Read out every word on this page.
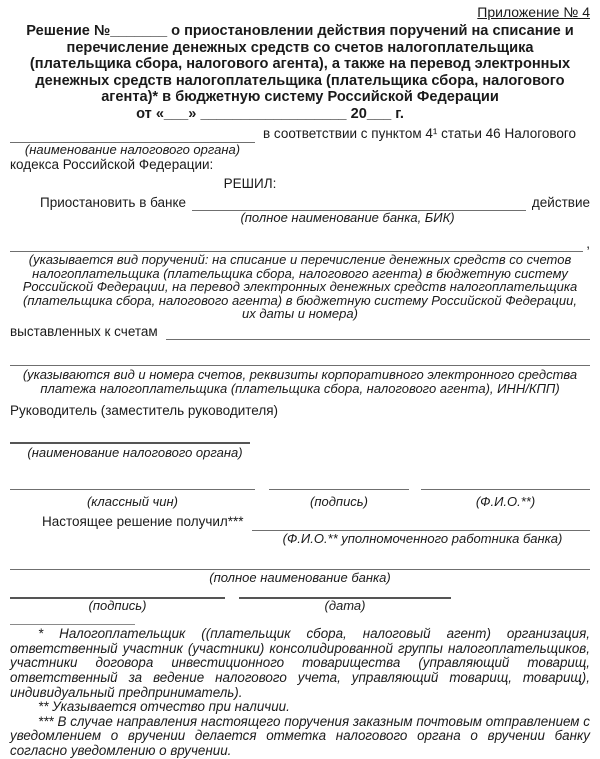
Приложение № 4
Решение №_______ о приостановлении действия поручений на списание и перечисление денежных средств со счетов налогоплательщика (плательщика сбора, налогового агента), а также на перевод электронных денежных средств налогоплательщика (плательщика сбора, налогового агента)* в бюджетную систему Российской Федерации
от «___» __________________ 20___ г.
в соответствии с пунктом 4¹ статьи 46 Налогового
(наименование налогового органа)
кодекса Российской Федерации:
РЕШИЛ:
Приостановить в банке	действие
(полное наименование банка, БИК)
,
(указывается вид поручений: на списание и перечисление денежных средств со счетов налогоплательщика (плательщика сбора, налогового агента) в бюджетную систему Российской Федерации, на перевод электронных денежных средств налогоплательщика (плательщика сбора, налогового агента) в бюджетную систему Российской Федерации, их даты и номера)
выставленных к счетам
(указываются вид и номера счетов, реквизиты корпоративного электронного средства платежа налогоплательщика (плательщика сбора, налогового агента), ИНН/КПП)
Руководитель (заместитель руководителя)
(наименование налогового органа)
(классный чин)	(подпись)	(Ф.И.О.**)
Настоящее решение получил***
(Ф.И.О.** уполномоченного работника банка)
(полное наименование банка)
(подпись)	(дата)
* Налогоплательщик ((плательщик сбора, налоговый агент) организация, ответственный участник (участники) консолидированной группы налогоплательщиков, участники договора инвестиционного товарищества (управляющий товарищ, ответственный за ведение налогового учета, управляющий товарищ, товарищ), индивидуальный предприниматель).
** Указывается отчество при наличии.
*** В случае направления настоящего поручения заказным почтовым отправлением с уведомлением о вручении делается отметка налогового органа о вручении банку согласно уведомлению о вручении.
